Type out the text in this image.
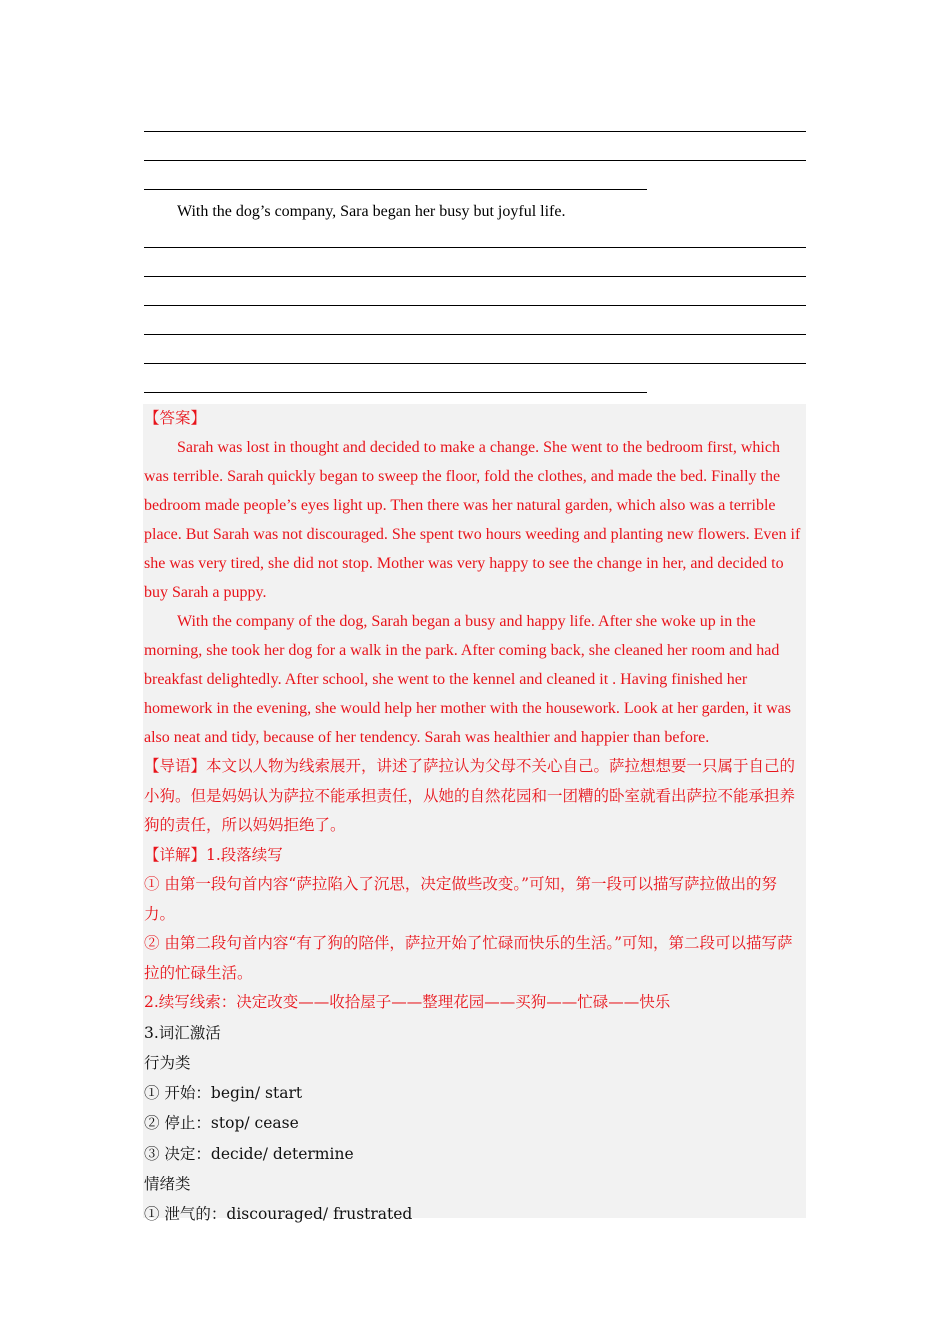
With the dog’s company, Sara began her busy but joyful life.

【答案】

Sarah was lost in thought and decided to make a change. She went to the bedroom first, which was terrible. Sarah quickly began to sweep the floor, fold the clothes, and made the bed. Finally the bedroom made people’s eyes light up. Then there was her natural garden, which also was a terrible place. But Sarah was not discouraged. She spent two hours weeding and planting new flowers. Even if she was very tired, she did not stop. Mother was very happy to see the change in her, and decided to buy Sarah a puppy.

With the company of the dog, Sarah began a busy and happy life. After she woke up in the morning, she took her dog for a walk in the park. After coming back, she cleaned her room and had breakfast delightedly. After school, she went to the kennel and cleaned it . Having finished her homework in the evening, she would help her mother with the housework. Look at her garden, it was also neat and tidy, because of her tendency. Sarah was healthier and happier than before.

【导语】本文以人物为线索展开，讲述了萨拉认为父母不关心自己。萨拉想想要一只属于自己的小狗。但是妈妈认为萨拉不能承担责任，从她的自然花园和一团糟的卧室就看出萨拉不能承担养狗的责任，所以妈妈拒绝了。

【详解】1.段落续写

① 由第一段句首内容“萨拉陷入了沉思，决定做些改变。”可知，第一段可以描写萨拉做出的努力。

② 由第二段句首内容“有了狗的陪伴，萨拉开始了忙碌而快乐的生活。”可知，第二段可以描写萨拉的忙碌生活。

2.续写线索：决定改变——收拾屋子——整理花园——买狗——忙碌——快乐

3.词汇激活

行为类

① 开始：begin/ start

② 停止：stop/ cease

③ 决定：decide/ determine

情绪类

① 泄气的：discouraged/ frustrated
